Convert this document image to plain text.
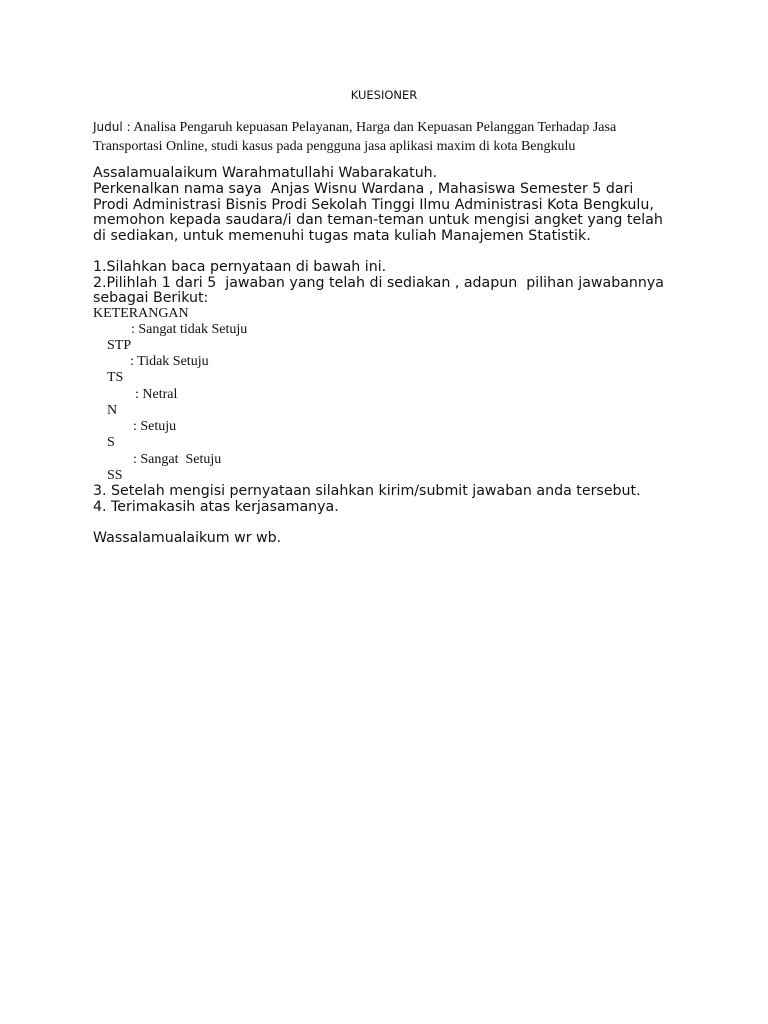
KUESIONER
Judul : Analisa Pengaruh kepuasan Pelayanan, Harga dan Kepuasan Pelanggan Terhadap Jasa Transportasi Online, studi kasus pada pengguna jasa aplikasi maxim di kota Bengkulu
Assalamualaikum Warahmatullahi Wabarakatuh.
Perkenalkan nama saya  Anjas Wisnu Wardana , Mahasiswa Semester 5 dari
Prodi Administrasi Bisnis Prodi Sekolah Tinggi Ilmu Administrasi Kota Bengkulu,
memohon kepada saudara/i dan teman-teman untuk mengisi angket yang telah
di sediakan, untuk memenuhi tugas mata kuliah Manajemen Statistik.
1.Silahkan baca pernyataan di bawah ini.
2.Pilihlah 1 dari 5  jawaban yang telah di sediakan , adapun  pilihan jawabannya
sebagai Berikut:
KETERANGAN

STP

: Sangat tidak Setuju

TS

: Tidak Setuju

N

: Netral

S

: Setuju

SS

: Sangat  Setuju

3. Setelah mengisi pernyataan silahkan kirim/submit jawaban anda tersebut.
4. Terimakasih atas kerjasamanya.
Wassalamualaikum wr wb.
